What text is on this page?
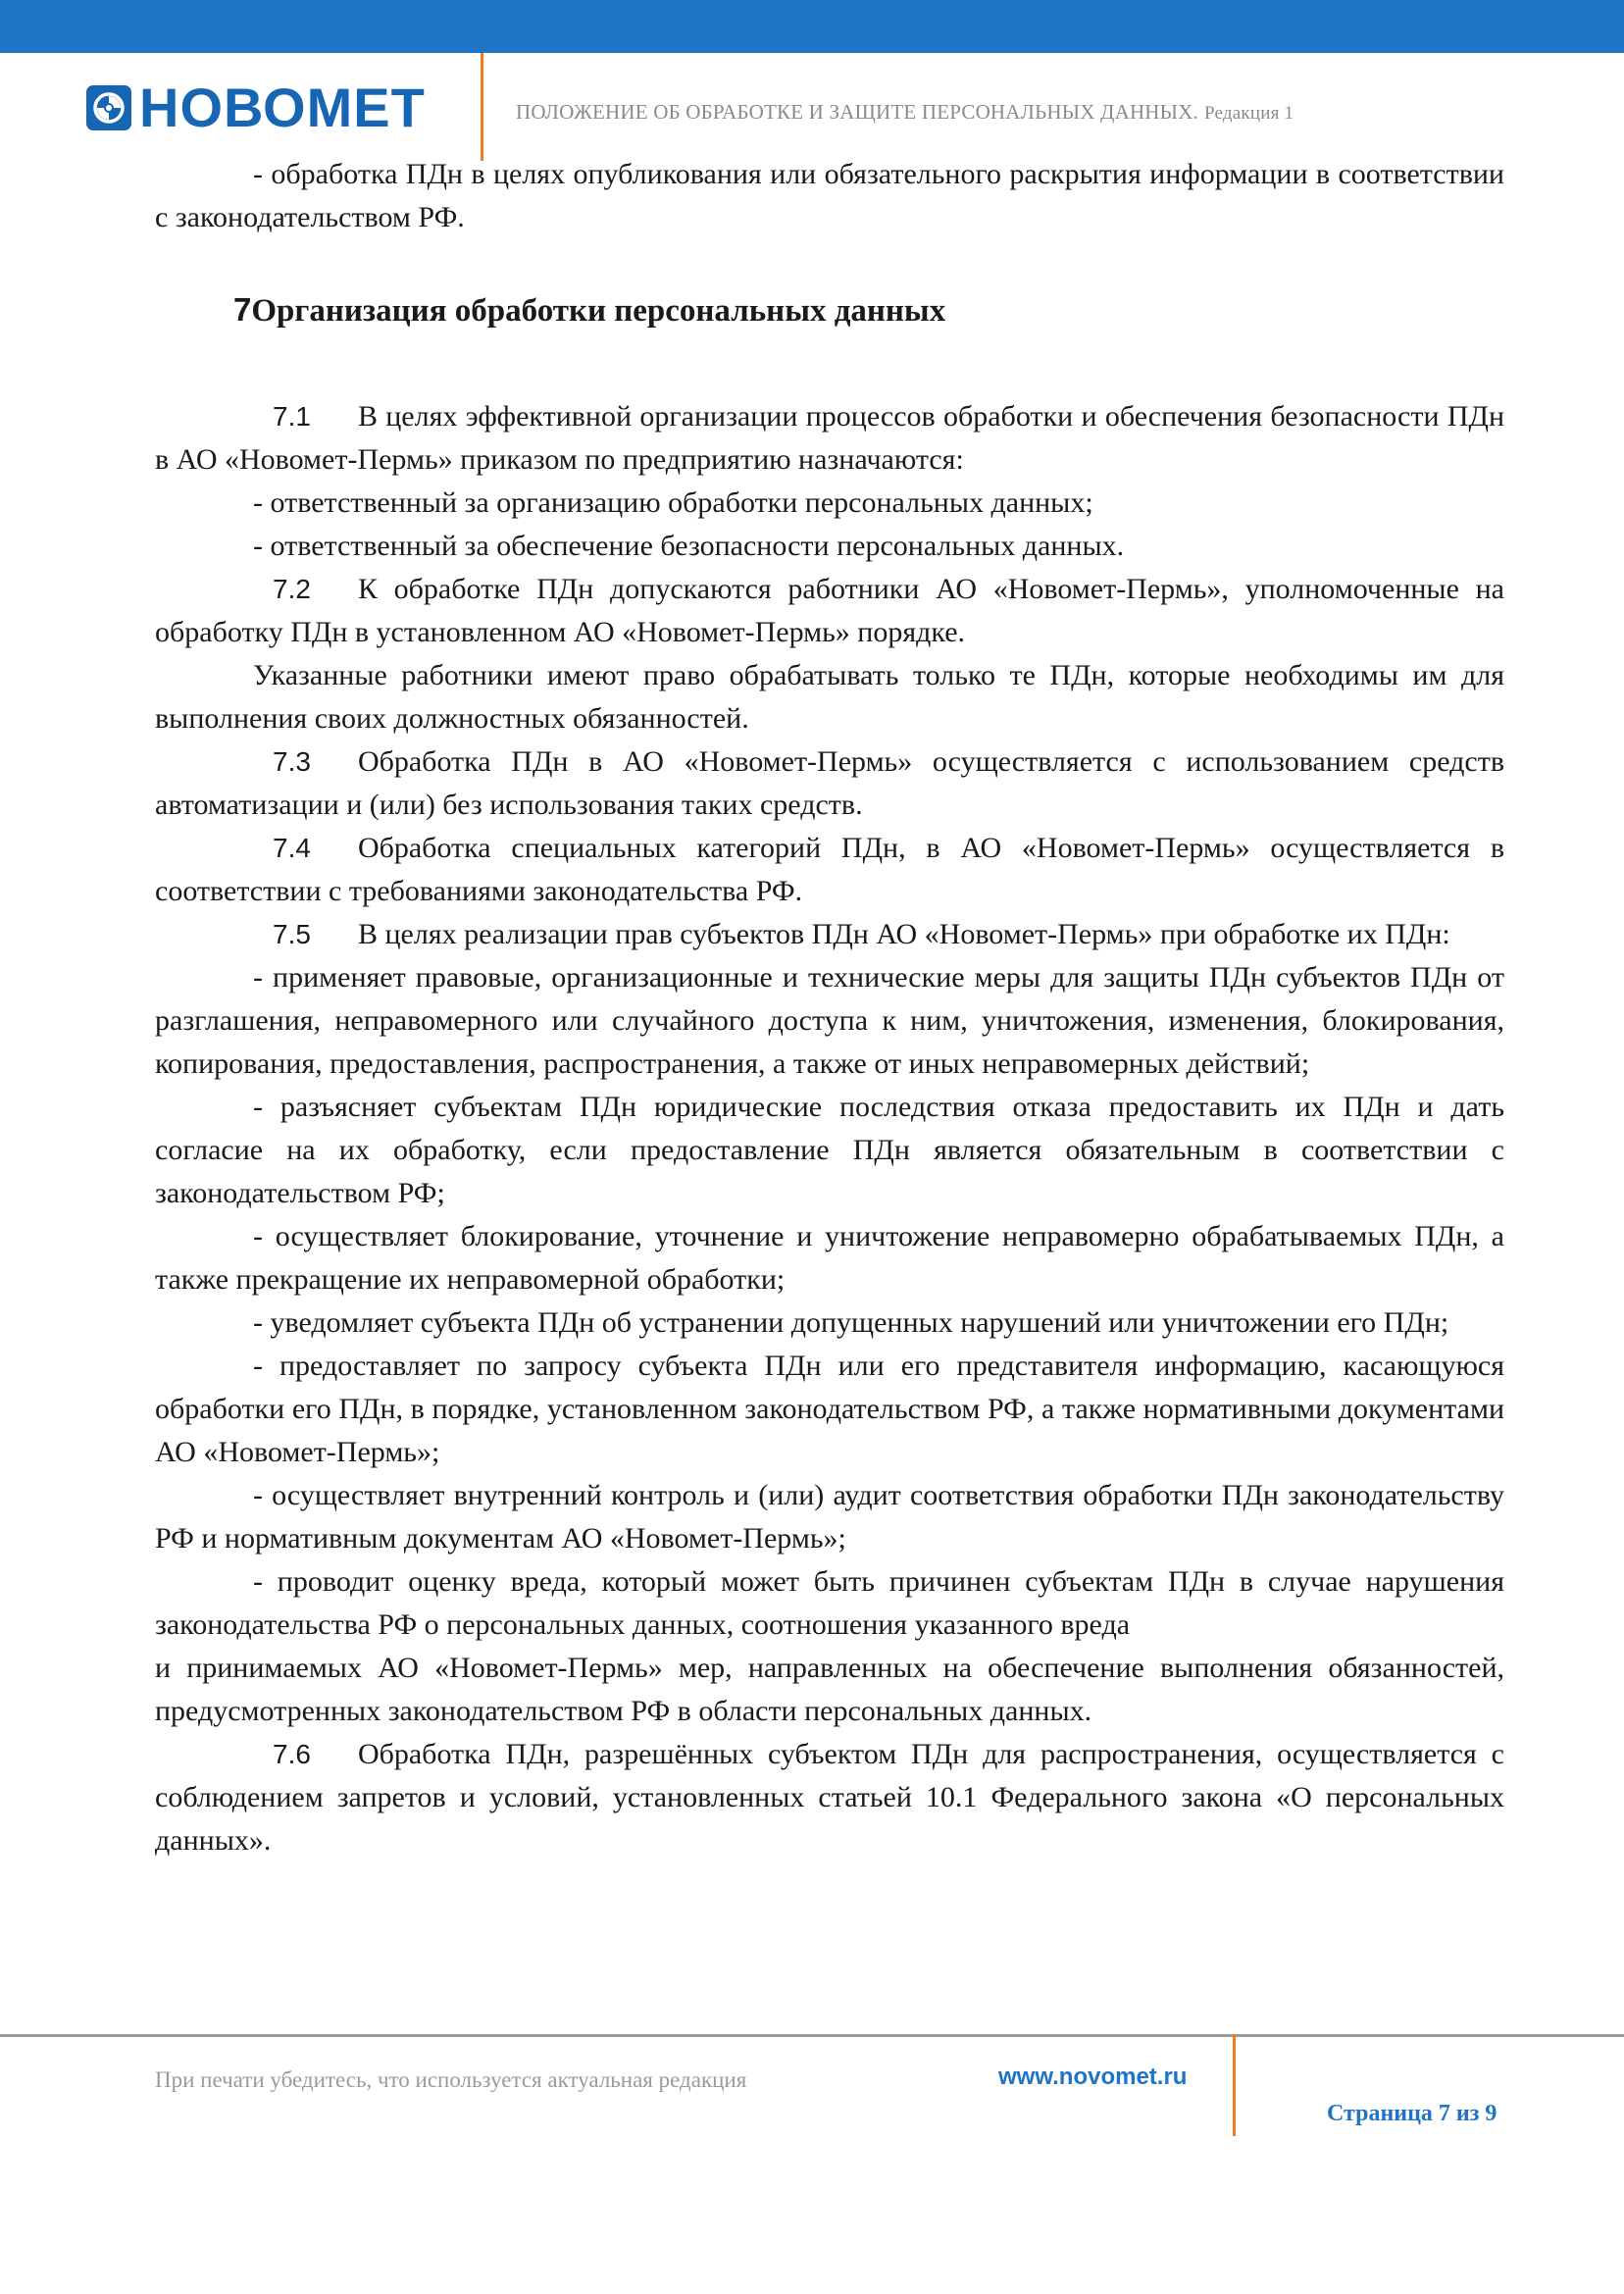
НОВОМЕТ	ПОЛОЖЕНИЕ ОБ ОБРАБОТКЕ И ЗАЩИТЕ ПЕРСОНАЛЬНЫХ ДАННЫХ. Редакция 1

- обработка ПДн в целях опубликования или обязательного раскрытия информации в соответствии с законодательством РФ.

7Организация обработки персональных данных

7.1 В целях эффективной организации процессов обработки и обеспечения безопасности ПДн в АО «Новомет-Пермь» приказом по предприятию назначаются:

- ответственный за организацию обработки персональных данных;

- ответственный за обеспечение безопасности персональных данных.

7.2 К обработке ПДн допускаются работники АО «Новомет-Пермь», уполномоченные на обработку ПДн в установленном АО «Новомет-Пермь» порядке.

Указанные работники имеют право обрабатывать только те ПДн, которые необходимы им для выполнения своих должностных обязанностей.

7.3 Обработка ПДн в АО «Новомет-Пермь» осуществляется с использованием средств автоматизации и (или) без использования таких средств.

7.4 Обработка специальных категорий ПДн, в АО «Новомет-Пермь» осуществляется в соответствии с требованиями законодательства РФ.

7.5 В целях реализации прав субъектов ПДн АО «Новомет-Пермь» при обработке их ПДн:

- применяет правовые, организационные и технические меры для защиты ПДн субъектов ПДн от разглашения, неправомерного или случайного доступа к ним, уничтожения, изменения, блокирования, копирования, предоставления, распространения, а также от иных неправомерных действий;

- разъясняет субъектам ПДн юридические последствия отказа предоставить их ПДн и дать согласие на их обработку, если предоставление ПДн является обязательным в соответствии с законодательством РФ;

- осуществляет блокирование, уточнение и уничтожение неправомерно обрабатываемых ПДн, а также прекращение их неправомерной обработки;

- уведомляет субъекта ПДн об устранении допущенных нарушений или уничтожении его ПДн;

- предоставляет по запросу субъекта ПДн или его представителя информацию, касающуюся обработки его ПДн, в порядке, установленном законодательством РФ, а также нормативными документами АО «Новомет-Пермь»;

- осуществляет внутренний контроль и (или) аудит соответствия обработки ПДн законодательству РФ и нормативным документам АО «Новомет-Пермь»;

- проводит оценку вреда, который может быть причинен субъектам ПДн в случае нарушения законодательства РФ о персональных данных, соотношения указанного вреда

и принимаемых АО «Новомет-Пермь» мер, направленных на обеспечение выполнения обязанностей, предусмотренных законодательством РФ в области персональных данных.

7.6 Обработка ПДн, разрешённых субъектом ПДн для распространения, осуществляется с соблюдением запретов и условий, установленных статьей 10.1 Федерального закона «О персональных данных».

При печати убедитесь, что используется актуальная редакция	www.novomet.ru
Страница 7 из 9
